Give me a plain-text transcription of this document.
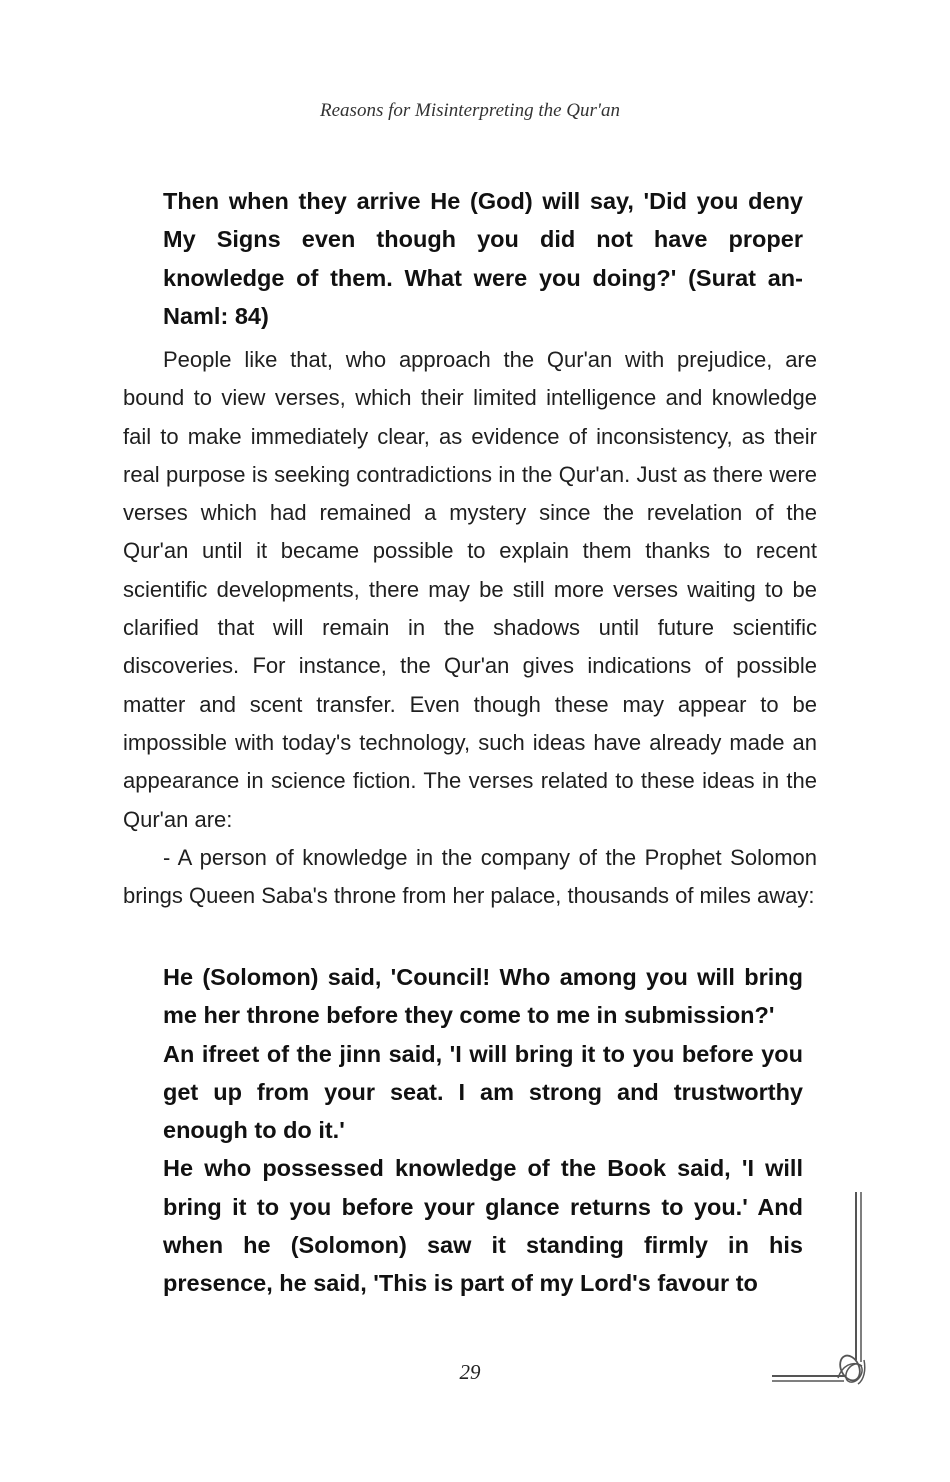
Reasons for Misinterpreting the Qur'an

Then when they arrive He (God) will say, 'Did you deny My Signs even though you did not have proper knowledge of them. What were you doing?' (Surat an-Naml: 84)

People like that, who approach the Qur'an with prejudice, are bound to view verses, which their limited intelligence and knowledge fail to make immediately clear, as evidence of inconsistency, as their real purpose is seeking contradictions in the Qur'an. Just as there were verses which had remained a mystery since the revelation of the Qur'an until it became possible to explain them thanks to recent scientific developments, there may be still more verses waiting to be clarified that will remain in the shadows until future scientific discoveries. For instance, the Qur'an gives indications of possible matter and scent transfer. Even though these may appear to be impossible with today's technology, such ideas have already made an appearance in science fiction. The verses related to these ideas in the Qur'an are:

- A person of knowledge in the company of the Prophet Solomon brings Queen Saba's throne from her palace, thousands of miles away:

He (Solomon) said, 'Council! Who among you will bring me her throne before they come to me in submission?'

An ifreet of the jinn said, 'I will bring it to you before you get up from your seat. I am strong and trustworthy enough to do it.'

He who possessed knowledge of the Book said, 'I will bring it to you before your glance returns to you.' And when he (Solomon) saw it standing firmly in his presence, he said, 'This is part of my Lord's favour to

29
